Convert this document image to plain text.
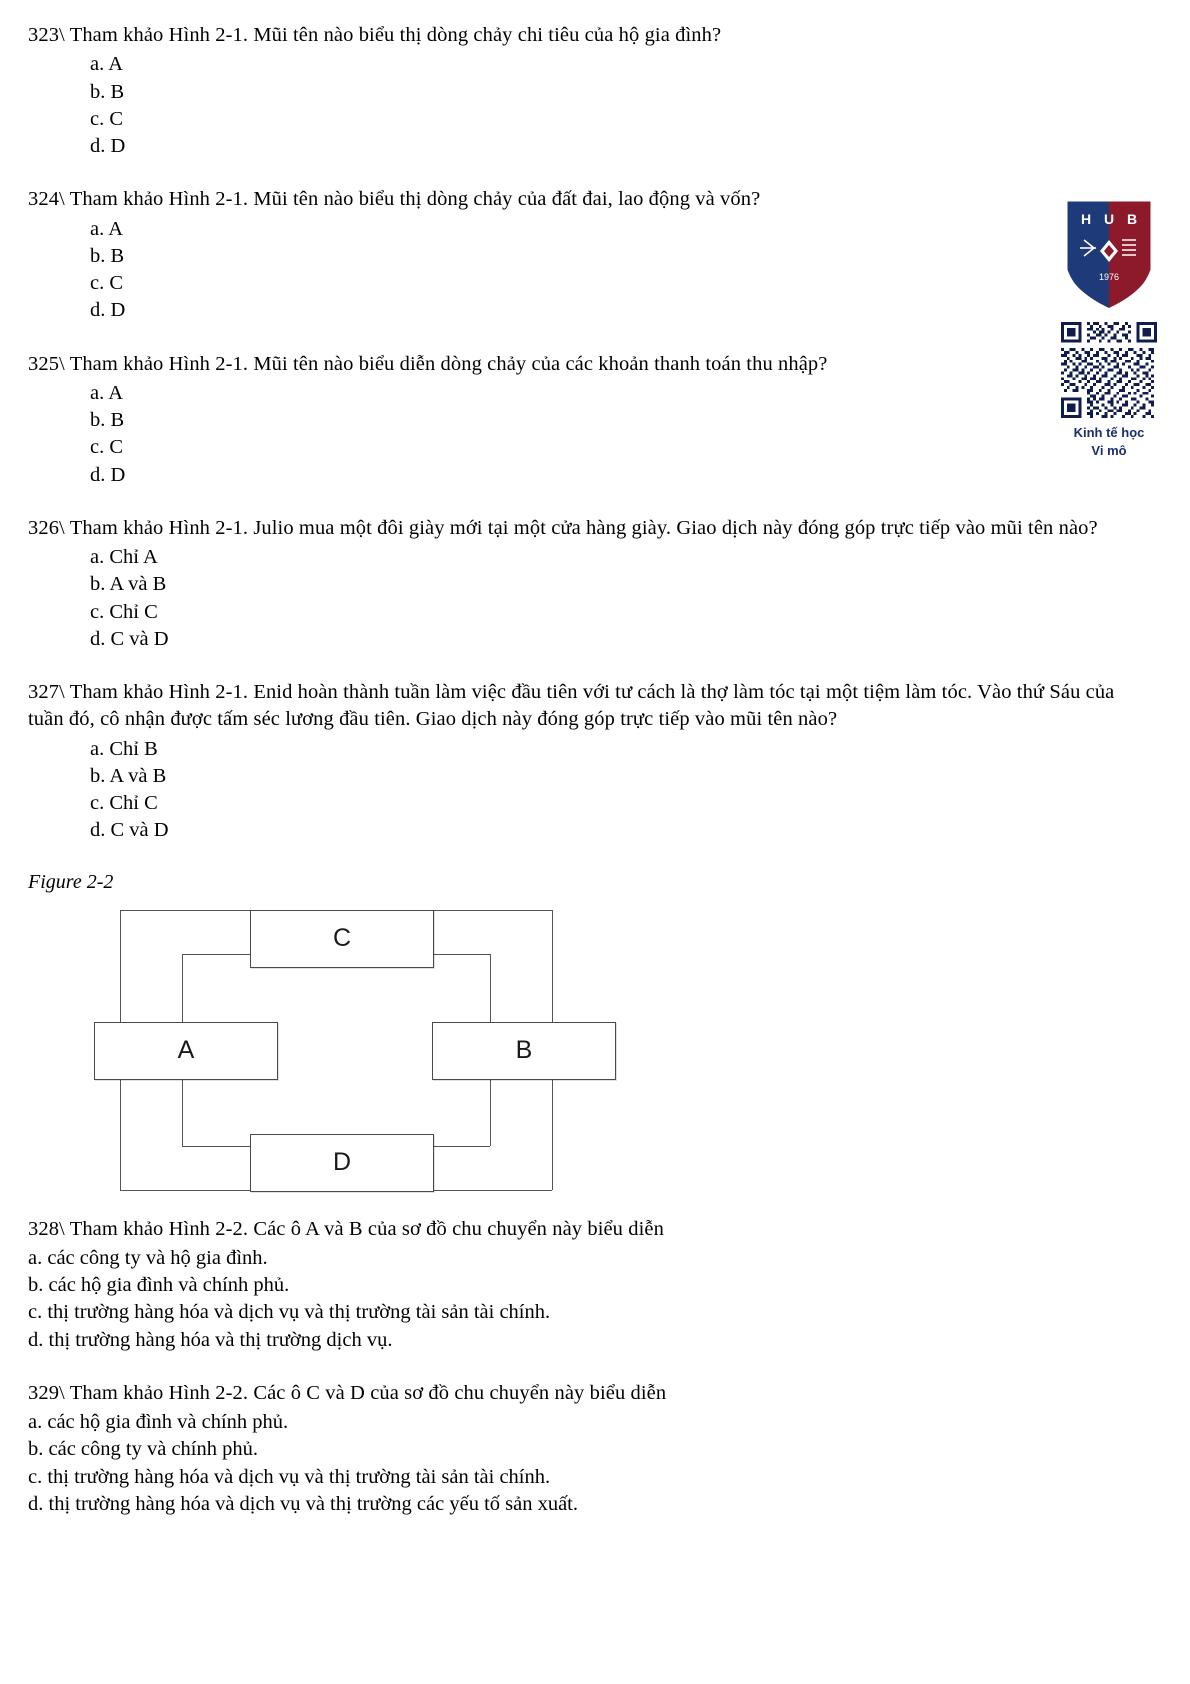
323\ Tham khảo Hình 2-1. Mũi tên nào biểu thị dòng chảy chi tiêu của hộ gia đình?
a. A
b. B
c. C
d. D
324\ Tham khảo Hình 2-1. Mũi tên nào biểu thị dòng chảy của đất đai, lao động và vốn?
a. A
b. B
c. C
d. D
325\ Tham khảo Hình 2-1. Mũi tên nào biểu diễn dòng chảy của các khoản thanh toán thu nhập?
a. A
b. B
c. C
d. D
326\ Tham khảo Hình 2-1. Julio mua một đôi giày mới tại một cửa hàng giày. Giao dịch này đóng góp trực tiếp vào mũi tên nào?
a. Chỉ A
b. A và B
c. Chỉ C
d. C và D
327\ Tham khảo Hình 2-1. Enid hoàn thành tuần làm việc đầu tiên với tư cách là thợ làm tóc tại một tiệm làm tóc. Vào thứ Sáu của tuần đó, cô nhận được tấm séc lương đầu tiên. Giao dịch này đóng góp trực tiếp vào mũi tên nào?
a. Chỉ B
b. A và B
c. Chỉ C
d. C và D
Figure 2-2
C
A	B
D
328\ Tham khảo Hình 2-2. Các ô A và B của sơ đồ chu chuyển này biểu diễn
a. các công ty và hộ gia đình.
b. các hộ gia đình và chính phủ.
c. thị trường hàng hóa và dịch vụ và thị trường tài sản tài chính.
d. thị trường hàng hóa và thị trường dịch vụ.
329\ Tham khảo Hình 2-2. Các ô C và D của sơ đồ chu chuyển này biểu diễn
a. các hộ gia đình và chính phủ.
b. các công ty và chính phủ.
c. thị trường hàng hóa và dịch vụ và thị trường tài sản tài chính.
d. thị trường hàng hóa và dịch vụ và thị trường các yếu tố sản xuất.
H U B
1976
Kinh tế học
Vi mô
